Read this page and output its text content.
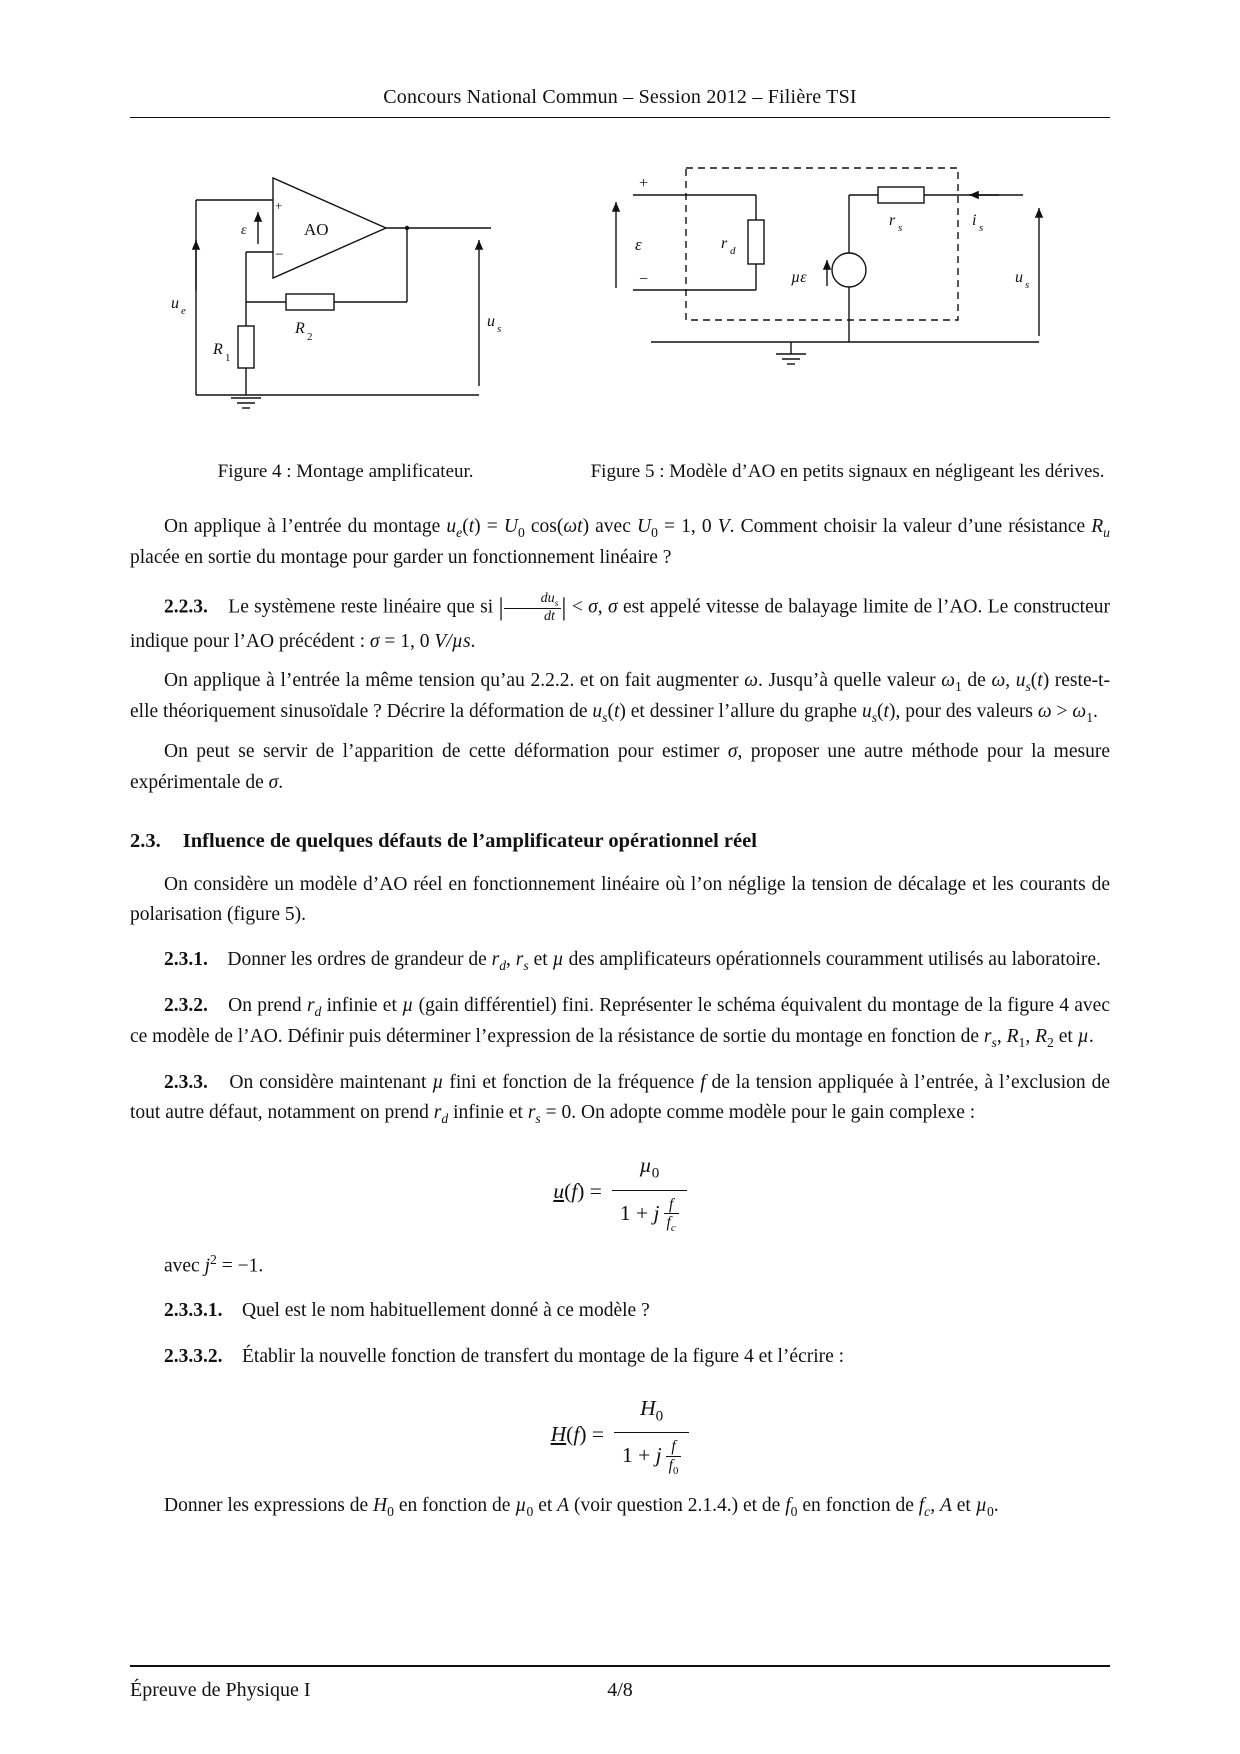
Concours National Commun – Session 2012 – Filière TSI
+
−
AO
ε
u e
R 1
R 2
u s
Figure 4 : Montage amplificateur.
+
ε
−
r d
µε
r s	i s
u s
Figure 5 : Modèle d’AO en petits signaux en négligeant les dérives.

On applique à l’entrée du montage $u_e(t) = U_0$ cos(ωt) avec $U_0 = 1$, 0 V. Comment choisir la valeur d’une résistance $R_u$ placée en sortie du montage pour garder un fonctionnement linéaire ?

2.2.3.   Le systèmene reste linéaire que si |	$du_s$
dt | < σ, σ est appelé vitesse de balayage limite de l’AO. Le constructeur indique pour l’AO précédent : σ = 1, 0 V/µs.

On applique à l’entrée la même tension qu’au 2.2.2. et on fait augmenter ω. Jusqu’à quelle valeur $\omega_1$ de ω, $u_s(t)$ reste-t-elle théoriquement sinusoïdale ? Décrire la déformation de $u_s(t)$ et dessiner l’allure du graphe $u_s(t)$, pour des valeurs $\omega > \omega_1$.

On peut se servir de l’apparition de cette déformation pour estimer σ, proposer une autre méthode pour la mesure expérimentale de σ.

2.3. Influence de quelques défauts de l’amplificateur opérationnel réel

On considère un modèle d’AO réel en fonctionnement linéaire où l’on néglige la tension de décalage et les courants de polarisation (figure 5).

2.3.1.   Donner les ordres de grandeur de $r_d$, $r_s$ et µ des amplificateurs opérationnels couramment utilisés au laboratoire.

2.3.2.   On prend $r_d$ infinie et µ (gain différentiel) fini. Représenter le schéma équivalent du montage de la figure 4 avec ce modèle de l’AO. Définir puis déterminer l’expression de la résistance de sortie du montage en fonction de $r_s$, $R_1$, $R_2$ et µ.

2.3.3.   On considère maintenant µ fini et fonction de la fréquence f de la tension appliquée à l’entrée, à l’exclusion de tout autre défaut, notamment on prend $r_d$ infinie et $r_s = 0$. On adopte comme modèle pour le gain complexe :

$u(f) = \frac{\mu_0}{1 + j \frac{f}{f_c}}$

avec $j^2 = -1$.

2.3.3.1.   Quel est le nom habituellement donné à ce modèle ?

2.3.3.2.   Établir la nouvelle fonction de transfert du montage de la figure 4 et l’écrire :

$H(f) = \frac{H_0}{1 + j \frac{f}{f_0}}$

Donner les expressions de $H_0$ en fonction de µ$_0$ et A (voir question 2.1.4.) et de $f_0$ en fonction de $f_c$, A et µ$_0$.

4/8
Épreuve de Physique I
